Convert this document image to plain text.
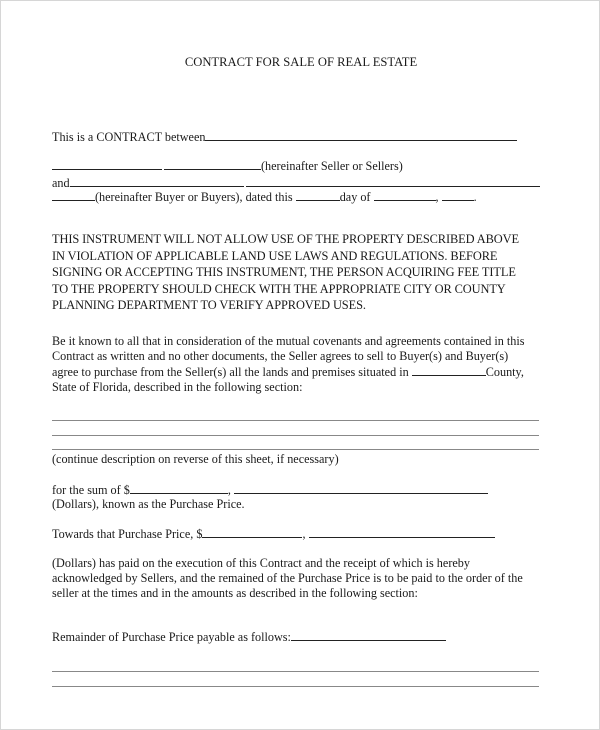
CONTRACT FOR SALE OF REAL ESTATE
This is a CONTRACT between
(hereinafter Seller or Sellers)
and
(hereinafter Buyer or Buyers), dated this	day of	,	.
THIS INSTRUMENT WILL NOT ALLOW USE OF THE PROPERTY DESCRIBED ABOVE
IN VIOLATION OF APPLICABLE LAND USE LAWS AND REGULATIONS. BEFORE
SIGNING OR ACCEPTING THIS INSTRUMENT, THE PERSON ACQUIRING FEE TITLE
TO THE PROPERTY SHOULD CHECK WITH THE APPROPRIATE CITY OR COUNTY
PLANNING DEPARTMENT TO VERIFY APPROVED USES.
Be it known to all that in consideration of the mutual covenants and agreements contained in this
Contract as written and no other documents, the Seller agrees to sell to Buyer(s) and Buyer(s)
agree to purchase from the Seller(s) all the lands and premises situated in	County,
State of Florida, described in the following section:
(continue description on reverse of this sheet, if necessary)
for the sum of $	,
(Dollars), known as the Purchase Price.
Towards that Purchase Price, $	,
(Dollars) has paid on the execution of this Contract and the receipt of which is hereby
acknowledged by Sellers, and the remained of the Purchase Price is to be paid to the order of the
seller at the times and in the amounts as described in the following section:
Remainder of Purchase Price payable as follows:
